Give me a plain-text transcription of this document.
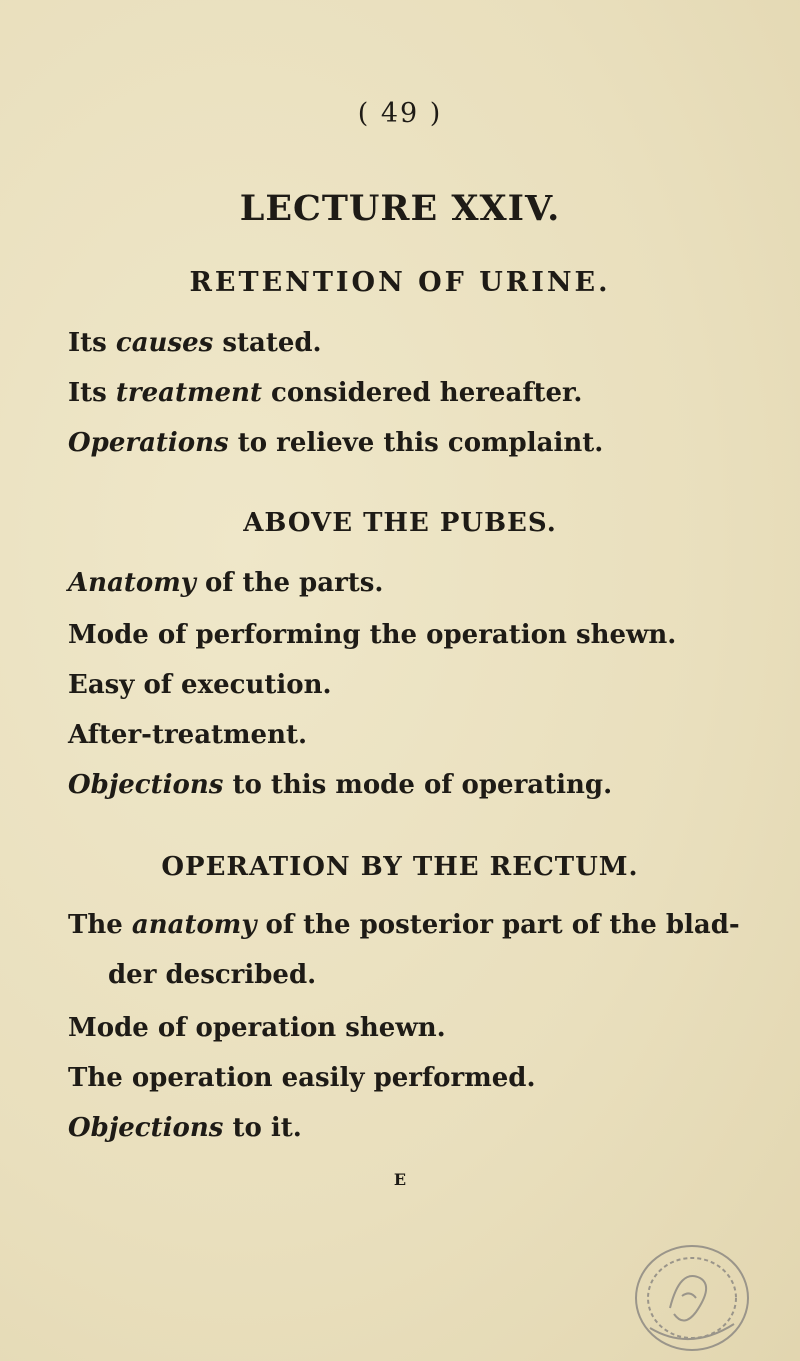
( 49 )
LECTURE XXIV.
RETENTION OF URINE.
Its causes stated.
Its treatment considered hereafter.
Operations to relieve this complaint.
ABOVE THE PUBES.
Anatomy of the parts.
Mode of performing the operation shewn.
Easy of execution.
After-treatment.
Objections to this mode of operating.
OPERATION BY THE RECTUM.
The anatomy of the posterior part of the blad-
der described.
Mode of operation shewn.
The operation easily performed.
Objections to it.
E
